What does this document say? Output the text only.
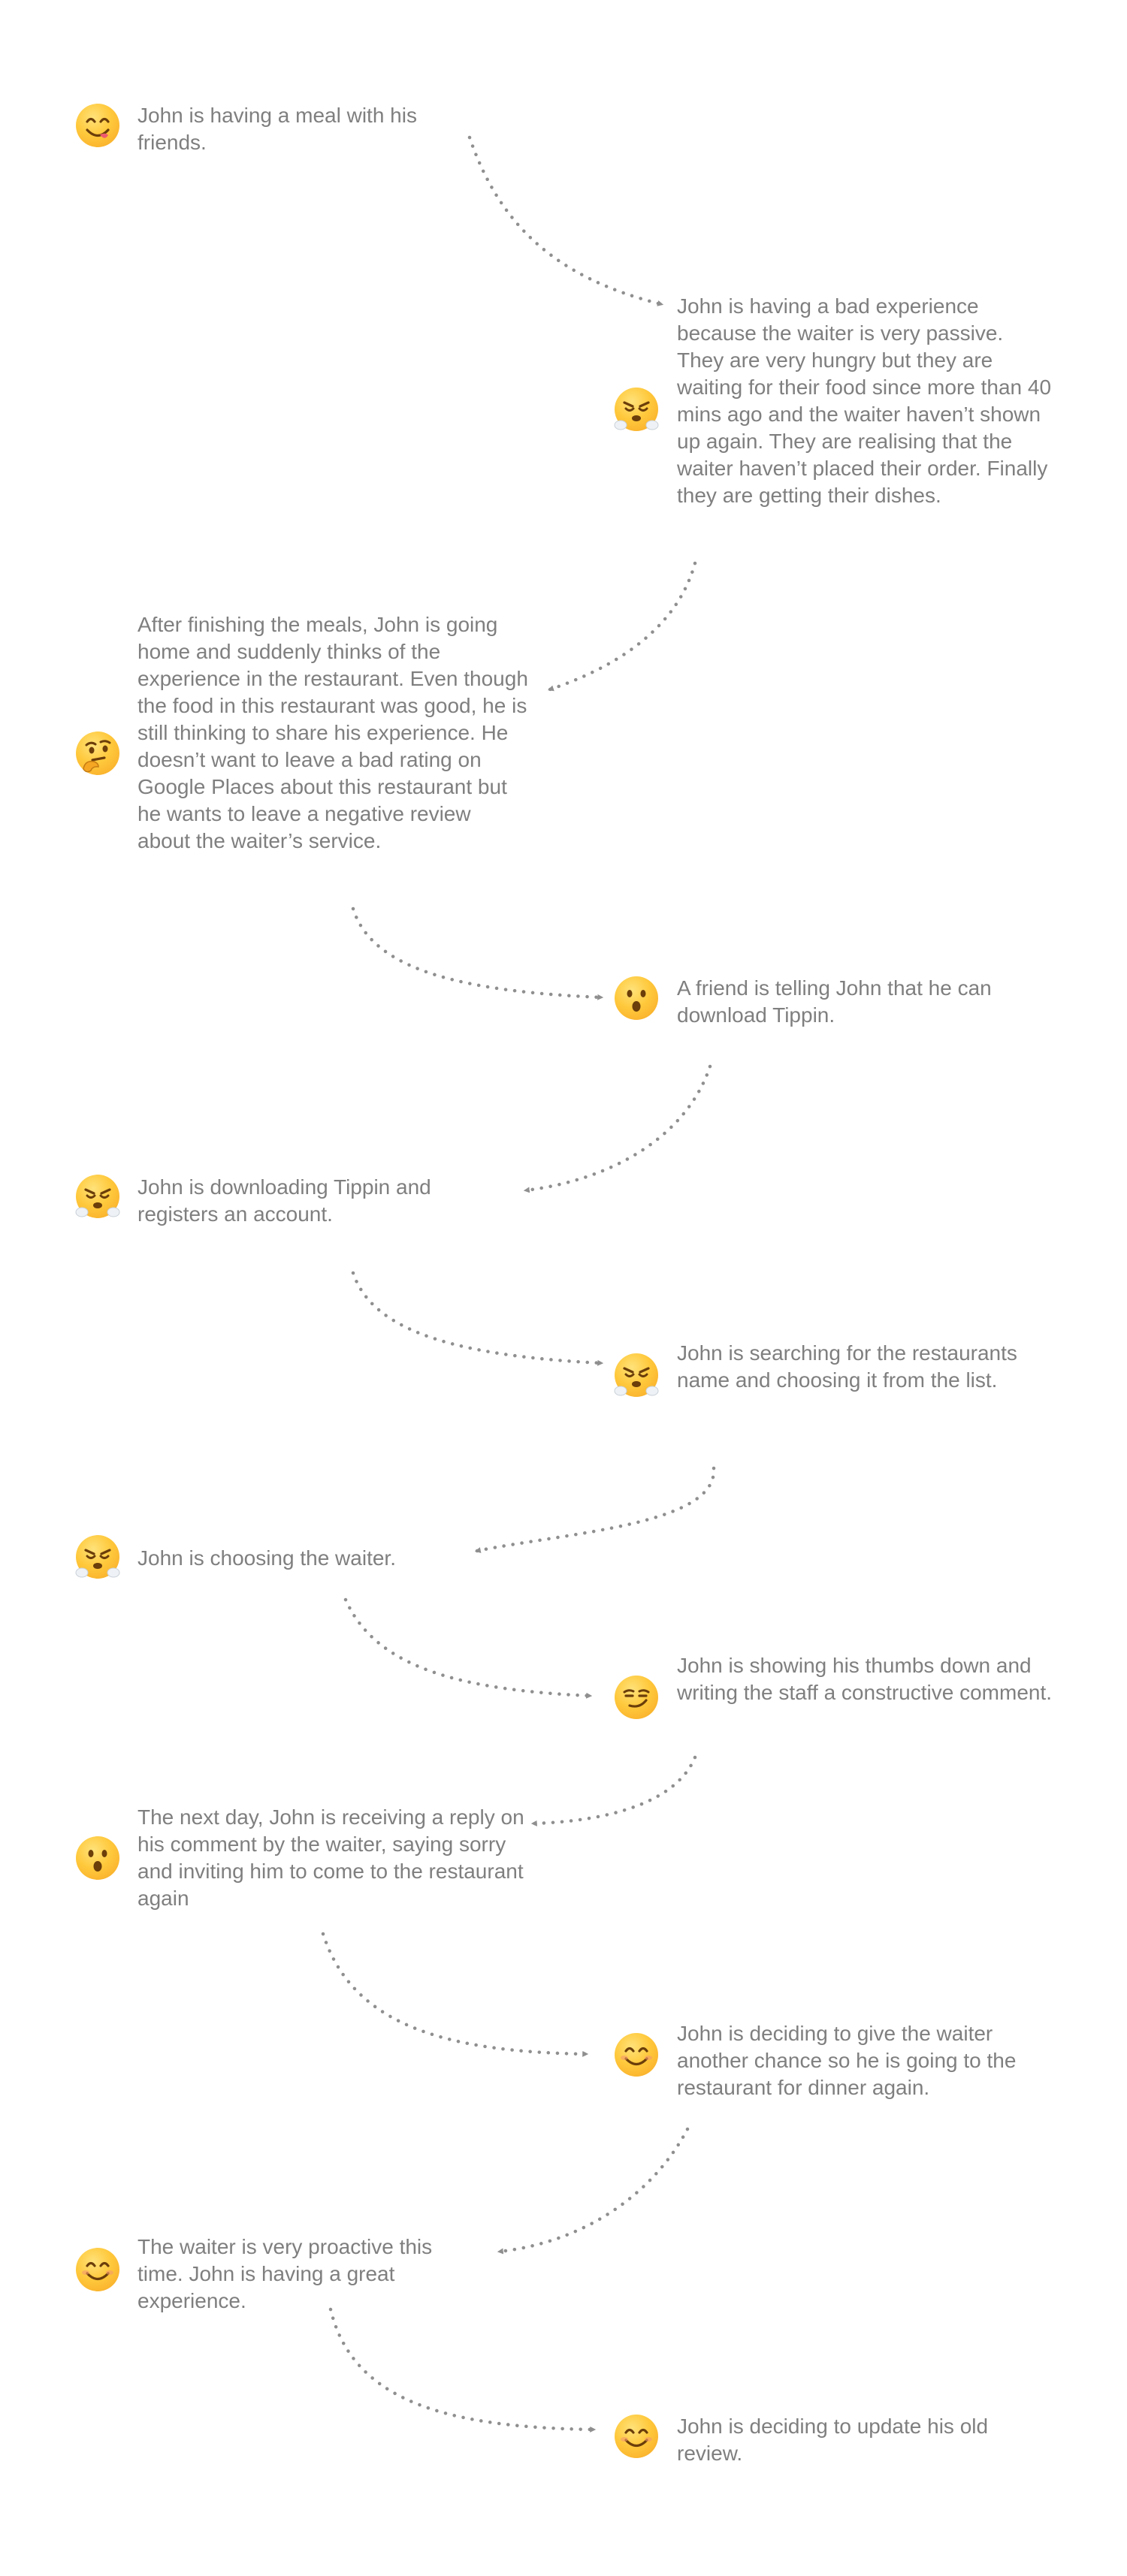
John is having a meal with his friends.

John is having a bad experience because the waiter is very passive. They are very hungry but they are waiting for their food since more than 40 mins ago and the waiter haven’t shown up again. They are realising that the waiter haven’t placed their order. Finally they are getting their dishes.

After finishing the meals, John is going home and suddenly thinks of the experience in the restaurant. Even though the food in this restaurant was good, he is still thinking to share his experience. He doesn’t want to leave a bad rating on Google Places about this restaurant but he wants to leave a negative review about the waiter’s service.

A friend is telling John that he can download Tippin.

John is downloading Tippin and registers an account.

John is searching for the restaurants name and choosing it from the list.

John is choosing the waiter.

John is showing his thumbs down and writing the staff a constructive comment.

The next day, John is receiving a reply on his comment by the waiter, saying sorry and inviting him to come to the restaurant again

John is deciding to give the waiter another chance so he is going to the restaurant for dinner again.

The waiter is very proactive this time. John is having a great experience.

John is deciding to update his old review.
